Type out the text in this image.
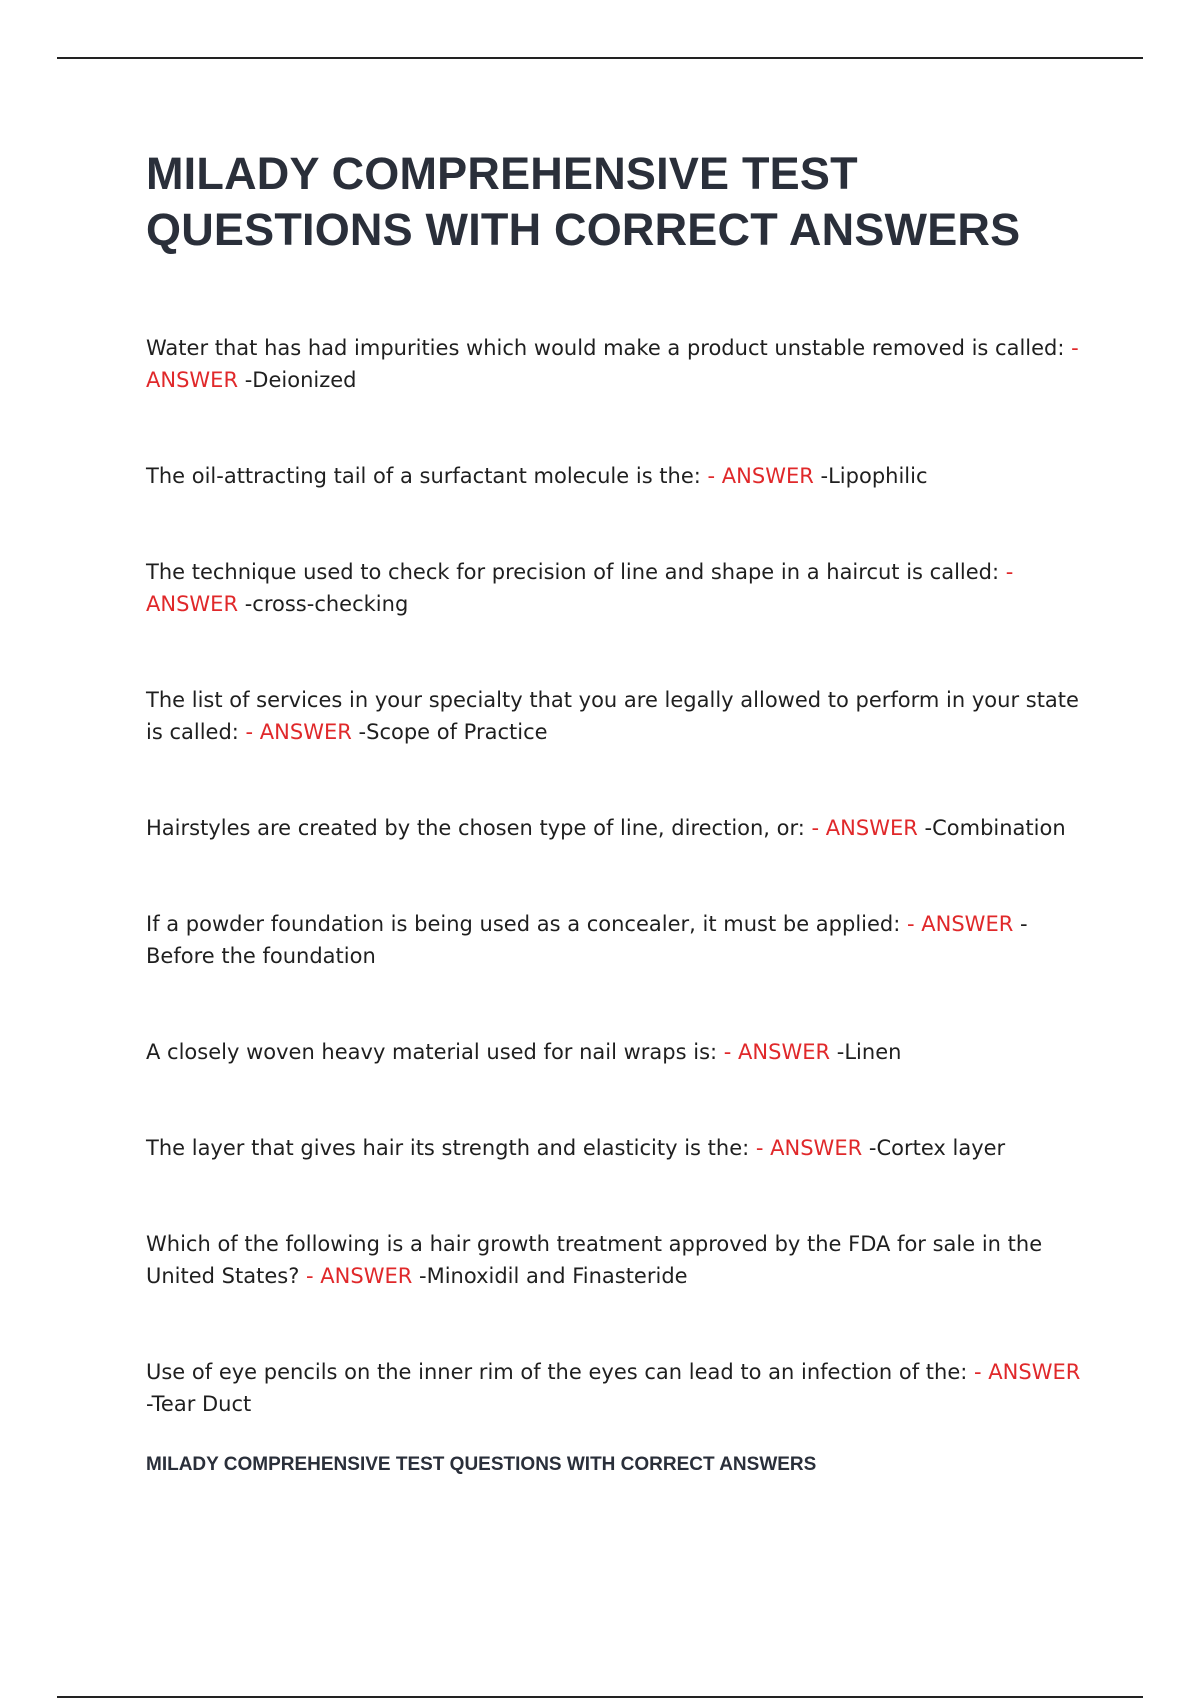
MILADY COMPREHENSIVE TEST QUESTIONS WITH CORRECT ANSWERS

Water that has had impurities which would make a product unstable removed is called: - ANSWER -Deionized

The oil-attracting tail of a surfactant molecule is the: - ANSWER -Lipophilic

The technique used to check for precision of line and shape in a haircut is called: - ANSWER -cross-checking

The list of services in your specialty that you are legally allowed to perform in your state is called: - ANSWER -Scope of Practice

Hairstyles are created by the chosen type of line, direction, or: - ANSWER -Combination

If a powder foundation is being used as a concealer, it must be applied: - ANSWER -Before the foundation

A closely woven heavy material used for nail wraps is: - ANSWER -Linen

The layer that gives hair its strength and elasticity is the: - ANSWER -Cortex layer

Which of the following is a hair growth treatment approved by the FDA for sale in the United States? - ANSWER -Minoxidil and Finasteride

Use of eye pencils on the inner rim of the eyes can lead to an infection of the: - ANSWER -Tear Duct

MILADY COMPREHENSIVE TEST QUESTIONS WITH CORRECT ANSWERS
